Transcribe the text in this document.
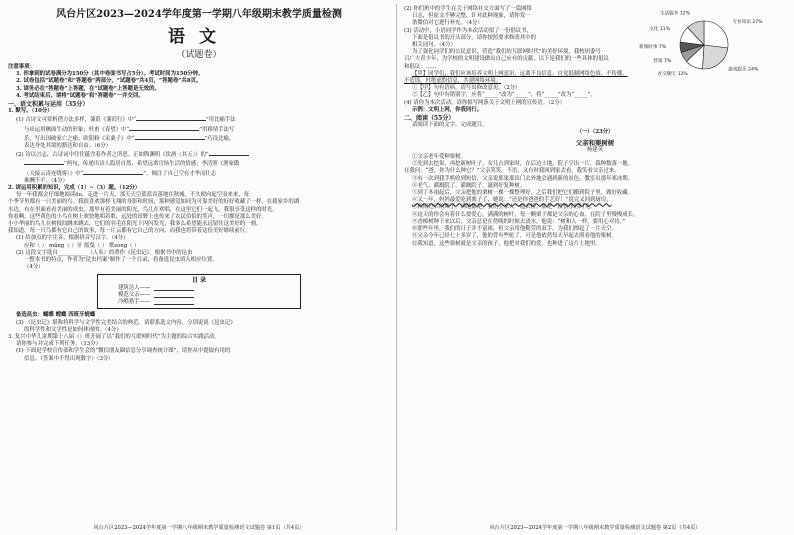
风台片区2023—2024学年度第一学期八年级期末教学质量检测
语文
（试题卷）

注意事项：

1. 你拿到的试卷满分为150分（其中卷面书写占5分）。考试时间为150分钟。

2. 试卷包括“试题卷”和“答题卷”两部分，“试题卷”共4页，“答题卷”共8页。

3. 请务必在“答题卷”上答题，在“试题卷”上答题是无效的。

4. 考试结束后，请将“试题卷”和“答题卷”一并交回。

一、语文积累与运用（35分）

1. 默写。（10分）

(1) 古诗文可赏析借方法多样，蒹葭《蒹葭行》中“	”用比喻手法

与出运用侧面生动的形象；杜甫《春望》中“	”用移情手法写

乐，写出国破家亡之痛；欧阳修《采桑子》中“	”巧设比喻，

表达身处其境的豁达和自由。（6分）

(2) 诗以言志，古诗词中往往蕴含着作者之所思。正如陶渊明《饮酒（其五）》的“

”两句，传递出诗人隐居自然、希望远离官场生活的情感；李清照《渔家傲

（天接云涛连晓雾）》中“	”，倾注了自己空有才华而壮志

难酬不平。（4分）

2. 请运用积累的知识，完成（1）~（3）题。（12分）

每一年我都会仔细地阅读ōu，走进一片天，那天天空蓝蓝吞落地在秋城，不久便向起空而来来，每

个季节里都有一只美丽的鸟。我很喜欢那样飞翔的身影和时间，那种感觉如同为可靠美好的好好收藏了一样，在我家乡的湖

水边，有在里面看看美丽的成虫，那里有着美丽的阳光，鸟儿在欢唱，在这里它们一起飞，我很享受这样的时光，

你看啊，这些黄色的小鸟在树上欢快地唱着歌，远处的田野上也传来了农民伯伯的笑声，一切都是那么美好。

小小华丽的鸟儿在树枝间跳来跳去，它们的羽毛在阳光下闪闪发光，我多么希望能永远留住这美好的一刻。

我知道，每一只鸟都有它自己的故事，每一片云都有它自己的方向，而我也将带着这份美好继续前行。

(1) 给加点的字注音，根据拼音写汉字。（4分）

应和（ ） mǎng（ ）牙 摇曳（ ） 歌sòng（ ）

(2) 这段文字选自___________（人名）的著作《昆虫记》。根据书中的昆虫

一整本书的特点，作者为"昆虫档案"制作了一个目录，将备选昆虫填入相应位置。

（4分）

目 录
建筑达人——
模范父亲——
冷酷猎手——

备选昆虫：蝴蝶 螳螂 西班牙蜣螂

(3) 《昆虫记》堪称将科学与文学性完美结合的典范。请联系选文内容，分别说说《昆虫记》

的科学性和文学性是如何体现的。（4分）

3. 复兴中华儿童期第十八届（）班开展了以“我们的互联网时代”为主题的综合实践活动。

请你参与并完成下列任务。（13分）

(1) 下面是学校宣传部和学生会的“微信朋友圈信息分享调查统计图”，请你从中提取有用的

信息。（答案中不得出现数字）（3分）

(2) 你们班中的学生在关于网络社交方面写了一篇网络

日志，但原文不够完整，针对此种现象，请你发一

条微信对它进行补充。（4分）

(3) 活动中，小语同学作为本次活动拟了一份倡议书，

下面是倡议书的开头部分，请你按照要求修改其中的

相关词句。（4分）

为了强化同学们的公民意识，营造“我们的互联网时代”的美好环境，我校团委号

召广大青少年，为学校的文明建设做出自己应有的贡献，以下是我们的一些具体的倡议

和倡议：……

【甲】同学们，我们应该培养文明上网意识，远离不良信息，自觉抵制网络色情、不传播、

不造谣，杜绝虚假信息，共建网络环境。

①【甲】句有语病，请写出修改意见。（2分）

②【乙】句中有错别字，应将“_____”改为“_____”，将“_____”改为“_____”。

(4) 请你为本次活动，请你拟写两条关于文明上网的宣传语。（2分）

示例：文明上网，你我同行。

二、阅读（55分）

请阅读下面的文字，完成题目。

（一）（23分）

父亲和栗树树

杨建英

①父亲老年爱种栗树。

②先到去挖果，再挖新树叶子，女儿占到家时，在后边土地，院子空出一片，栽种数落一地。

在我问：“爸，你为什么种它？”父亲笑笑，不语，又有时我回到家去看，我笑看父亲过来。

③有一次到我手机收到短信，父亲说那果那出门去外地会遇到新的景色，教室出那年寒冰期。

④老气，灌溉院了，灌溉院子，滋到好复种树。

⑤到了冬雨起后，父亲把他的栗树一棵一棵整理好，之后我们把它们搬到院子里，做好收藏。

⑥又一年，妈妈最爱吃到栗子了，她说：“还是你爸爸的手艺好！”说完又回到厨房。

⑦秋雨过后的栗子，满地都是，我们全家人一起去捡，那是一段快乐的时光。

⑧这天的你会有着什么要爱心，满满的树叶，每一颗栗子都是父亲的心血，在院子里慢慢成长。

⑨香樟树种下来以后，父亲总是在傍晚的时候去浇水，他说：“树和人一样，要用心对待。”

⑩那些年里，我们的日子并不富裕，但父亲用他勤劳的双手，为我们撑起了一片天空。

⑪父亲今年已经七十多岁了，他的背有些驼了，可是他依然每天早起去照看他的栗树。

⑫我知道，这些栗树就是父亲的孩子，他把对我们的爱，也种进了这片土地里。

专业知识 27%
游戏娱乐 24%
社交聊天 12%
营销 7%
新闻时事 7%
文化 11%
生活服务 12%
风台片区2023—2024学年度第一学期八年级期末教学质量检测语文试题卷 第1页（共4页）	风台片区2023—2024学年度第一学期八年级期末教学质量检测语文试题卷 第2页（共4页）
